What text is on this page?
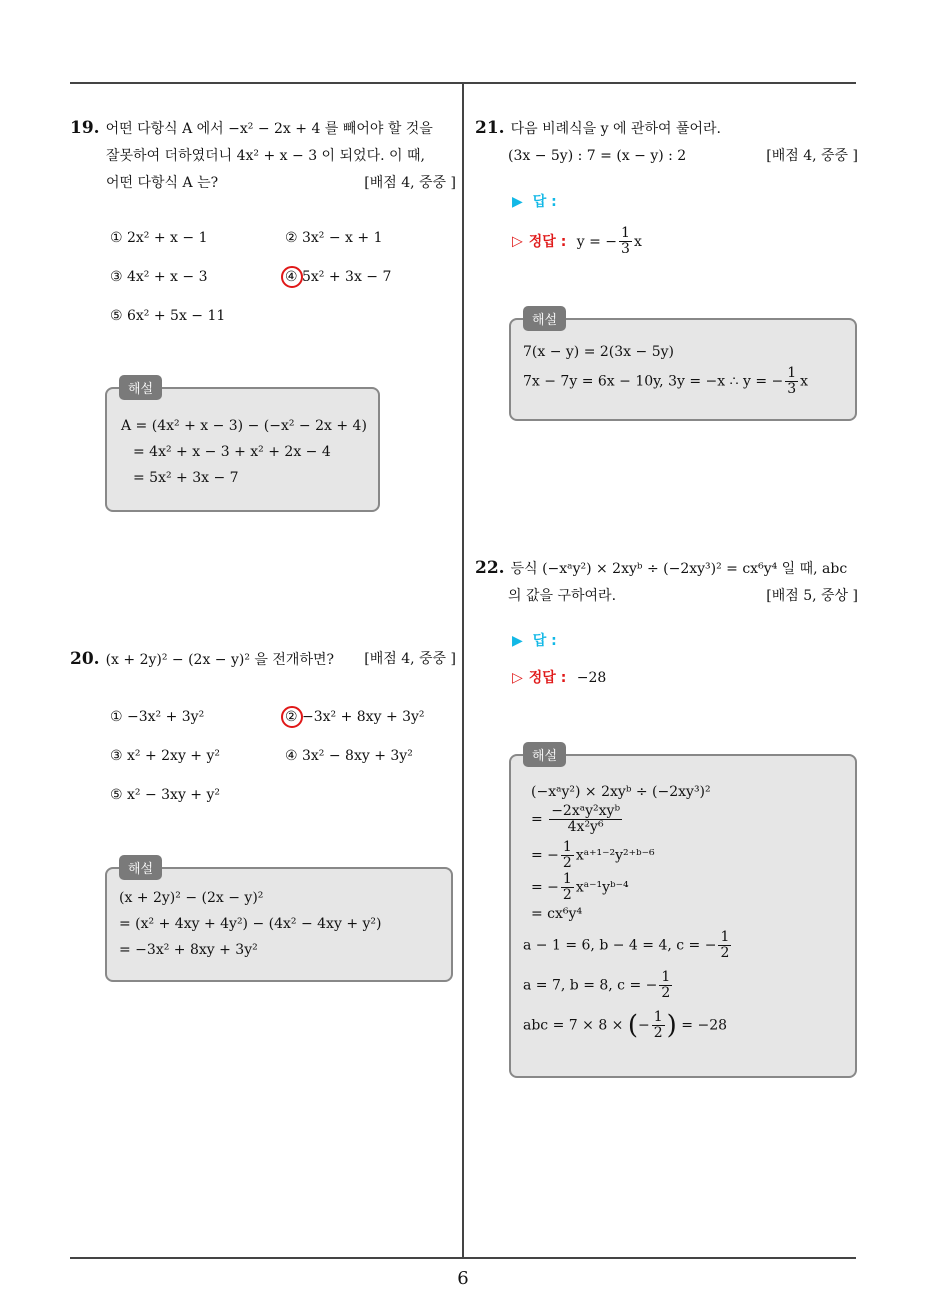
19. 어떤 다항식 A 에서 −x² − 2x + 4 를 빼어야 할 것을
잘못하여 더하였더니 4x² + x − 3 이 되었다. 이 때,
어떤 다항식 A 는?	[배점 4, 중중 ]
① 2x² + x − 1	② 3x² − x + 1
③ 4x² + x − 3	④ 5x² + 3x − 7
⑤ 6x² + 5x − 11
해설
A = (4x² + x − 3) − (−x² − 2x + 4)
= 4x² + x − 3 + x² + 2x − 4
= 5x² + 3x − 7
20. (x + 2y)² − (2x − y)² 을 전개하면? [배점 4, 중중 ]
① −3x² + 3y²	② −3x² + 8xy + 3y²
③ x² + 2xy + y²	④ 3x² − 8xy + 3y²
⑤ x² − 3xy + y²
해설
(x + 2y)² − (2x − y)²
= (x² + 4xy + 4y²) − (4x² − 4xy + y²)
= −3x² + 8xy + 3y²
21. 다음 비례식을 y 에 관하여 풀어라.
(3x − 5y) : 7 = (x − y) : 2	[배점 4, 중중 ]
▶ 답 :
▷ 정답 : y = − $\frac{1}{3}$ x
해설
7(x − y) = 2(3x − 5y)
7x − 7y = 6x − 10y, 3y = −x ∴ y = − $\frac{1}{3}$ x
22. 등식 (−xᵃy²) × 2xyᵇ ÷ (−2xy³)² = cx⁶y⁴ 일 때, abc
의 값을 구하여라.	[배점 5, 중상 ]
▶ 답 :
▷ 정답 : −28
해설
(−xᵃy²) × 2xyᵇ ÷ (−2xy³)²
= $\frac{\text{−2xᵃy²xyᵇ}}{\text{4x²y⁶}}$
= − $\frac{1}{2}$ xᵃ⁺¹⁻²y²⁺ᵇ⁻⁶
= − $\frac{1}{2}$ xᵃ⁻¹yᵇ⁻⁴
= cx⁶y⁴
a − 1 = 6, b − 4 = 4, c = − $\frac{1}{2}$
a = 7, b = 8, c = − $\frac{1}{2}$
abc = 7 × 8 × (− $\frac{1}{2}$ ) = −28
6
